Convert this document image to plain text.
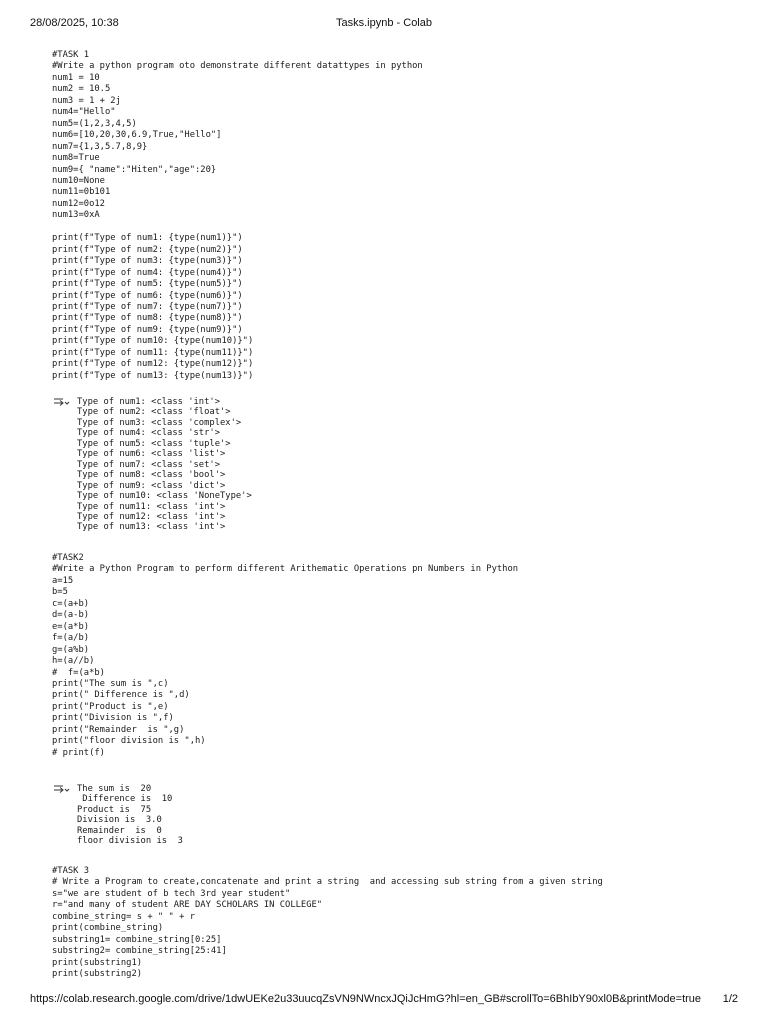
28/08/2025, 10:38	Tasks.ipynb - Colab
#TASK 1
#Write a python program oto demonstrate different datattypes in python
num1 = 10
num2 = 10.5
num3 = 1 + 2j
num4="Hello"
num5=(1,2,3,4,5)
num6=[10,20,30,6.9,True,"Hello"]
num7={1,3,5.7,8,9}
num8=True
num9={ "name":"Hiten","age":20}
num10=None
num11=0b101
num12=0o12
num13=0xA

print(f"Type of num1: {type(num1)}")
print(f"Type of num2: {type(num2)}")
print(f"Type of num3: {type(num3)}")
print(f"Type of num4: {type(num4)}")
print(f"Type of num5: {type(num5)}")
print(f"Type of num6: {type(num6)}")
print(f"Type of num7: {type(num7)}")
print(f"Type of num8: {type(num8)}")
print(f"Type of num9: {type(num9)}")
print(f"Type of num10: {type(num10)}")
print(f"Type of num11: {type(num11)}")
print(f"Type of num12: {type(num12)}")
print(f"Type of num13: {type(num13)}")
Type of num1: <class 'int'>
Type of num2: <class 'float'>
Type of num3: <class 'complex'>
Type of num4: <class 'str'>
Type of num5: <class 'tuple'>
Type of num6: <class 'list'>
Type of num7: <class 'set'>
Type of num8: <class 'bool'>
Type of num9: <class 'dict'>
Type of num10: <class 'NoneType'>
Type of num11: <class 'int'>
Type of num12: <class 'int'>
Type of num13: <class 'int'>
#TASK2
#Write a Python Program to perform different Arithematic Operations pn Numbers in Python
a=15
b=5
c=(a+b)
d=(a-b)
e=(a*b)
f=(a/b)
g=(a%b)
h=(a//b)
#  f=(a*b)
print("The sum is ",c)
print(" Difference is ",d)
print("Product is ",e)
print("Division is ",f)
print("Remainder  is ",g)
print("floor division is ",h)
# print(f)
The sum is  20
Difference is  10
Product is  75
Division is  3.0
Remainder  is  0
floor division is  3
#TASK 3
# Write a Program to create,concatenate and print a string  and accessing sub string from a given string
s="we are student of b tech 3rd year student"
r="and many of student ARE DAY SCHOLARS IN COLLEGE"
combine_string= s + " " + r
print(combine_string)
substring1= combine_string[0:25]
substring2= combine_string[25:41]
print(substring1)
print(substring2)
https://colab.research.google.com/drive/1dwUEKe2u33uucqZsVN9NWncxJQiJcHmG?hl=en_GB#scrollTo=6BhIbY90xl0B&printMode=true 1/2
